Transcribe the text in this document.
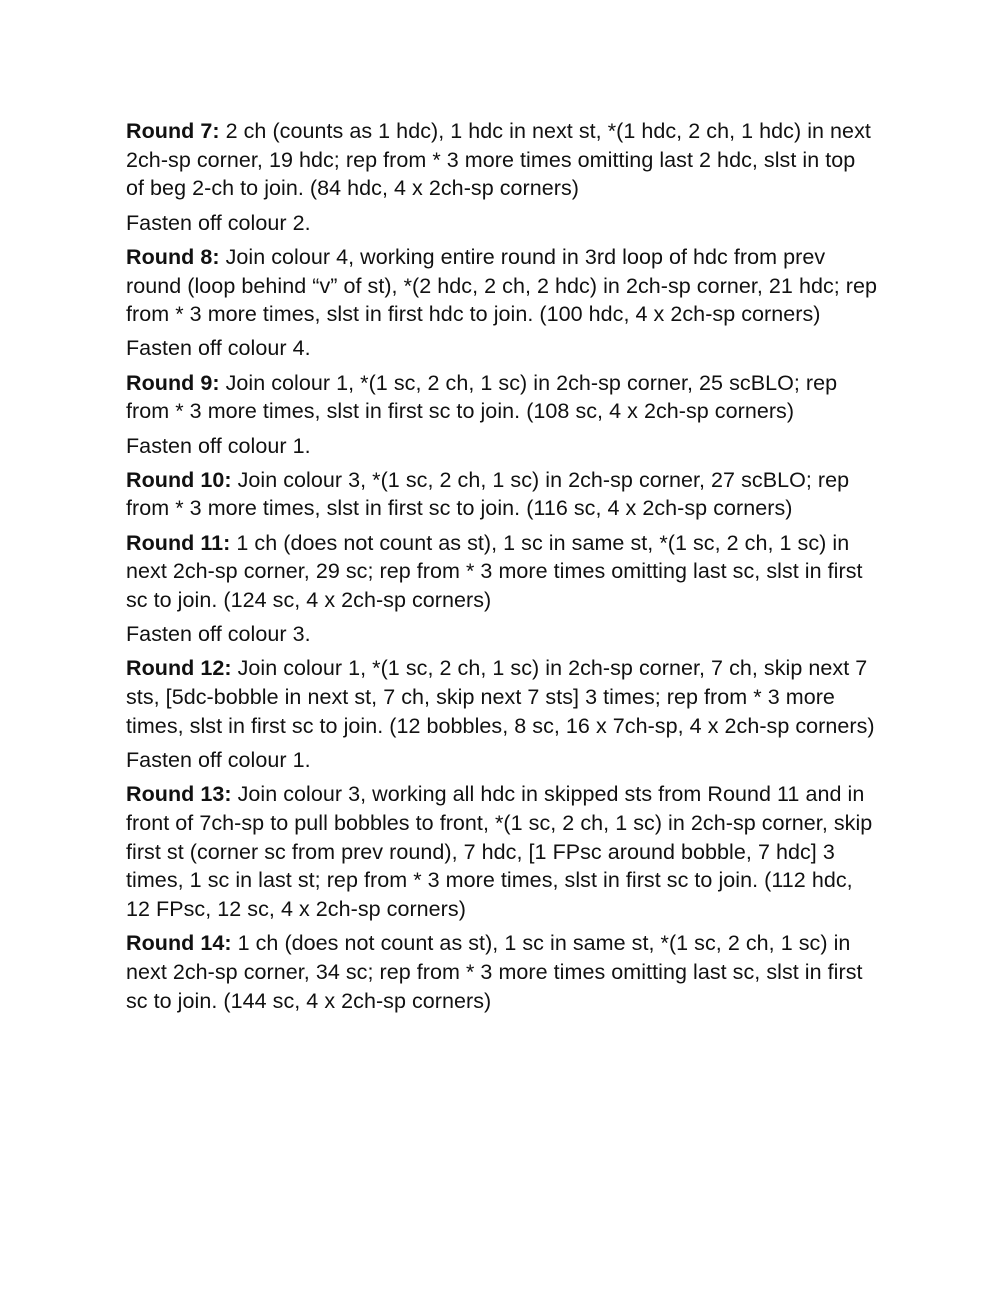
Round 7: 2 ch (counts as 1 hdc), 1 hdc in next st, *(1 hdc, 2 ch, 1 hdc) in next 2ch-sp corner, 19 hdc; rep from * 3 more times omitting last 2 hdc, slst in top of beg 2-ch to join. (84 hdc, 4 x 2ch-sp corners)

Fasten off colour 2.

Round 8: Join colour 4, working entire round in 3rd loop of hdc from prev round (loop behind “v” of st), *(2 hdc, 2 ch, 2 hdc) in 2ch-sp corner, 21 hdc; rep from * 3 more times, slst in first hdc to join. (100 hdc, 4 x 2ch-sp corners)

Fasten off colour 4.

Round 9: Join colour 1, *(1 sc, 2 ch, 1 sc) in 2ch-sp corner, 25 scBLO; rep from * 3 more times, slst in first sc to join. (108 sc, 4 x 2ch-sp corners)

Fasten off colour 1.

Round 10: Join colour 3, *(1 sc, 2 ch, 1 sc) in 2ch-sp corner, 27 scBLO; rep from * 3 more times, slst in first sc to join. (116 sc, 4 x 2ch-sp corners)

Round 11: 1 ch (does not count as st), 1 sc in same st, *(1 sc, 2 ch, 1 sc) in next 2ch-sp corner, 29 sc; rep from * 3 more times omitting last sc, slst in first sc to join. (124 sc, 4 x 2ch-sp corners)

Fasten off colour 3.

Round 12: Join colour 1, *(1 sc, 2 ch, 1 sc) in 2ch-sp corner, 7 ch, skip next 7 sts, [5dc-bobble in next st, 7 ch, skip next 7 sts] 3 times; rep from * 3 more times, slst in first sc to join. (12 bobbles, 8 sc, 16 x 7ch-sp, 4 x 2ch-sp corners)

Fasten off colour 1.

Round 13: Join colour 3, working all hdc in skipped sts from Round 11 and in front of 7ch-sp to pull bobbles to front, *(1 sc, 2 ch, 1 sc) in 2ch-sp corner, skip first st (corner sc from prev round), 7 hdc, [1 FPsc around bobble, 7 hdc] 3 times, 1 sc in last st; rep from * 3 more times, slst in first sc to join. (112 hdc, 12 FPsc, 12 sc, 4 x 2ch-sp corners)

Round 14: 1 ch (does not count as st), 1 sc in same st, *(1 sc, 2 ch, 1 sc) in next 2ch-sp corner, 34 sc; rep from * 3 more times omitting last sc, slst in first sc to join. (144 sc, 4 x 2ch-sp corners)
